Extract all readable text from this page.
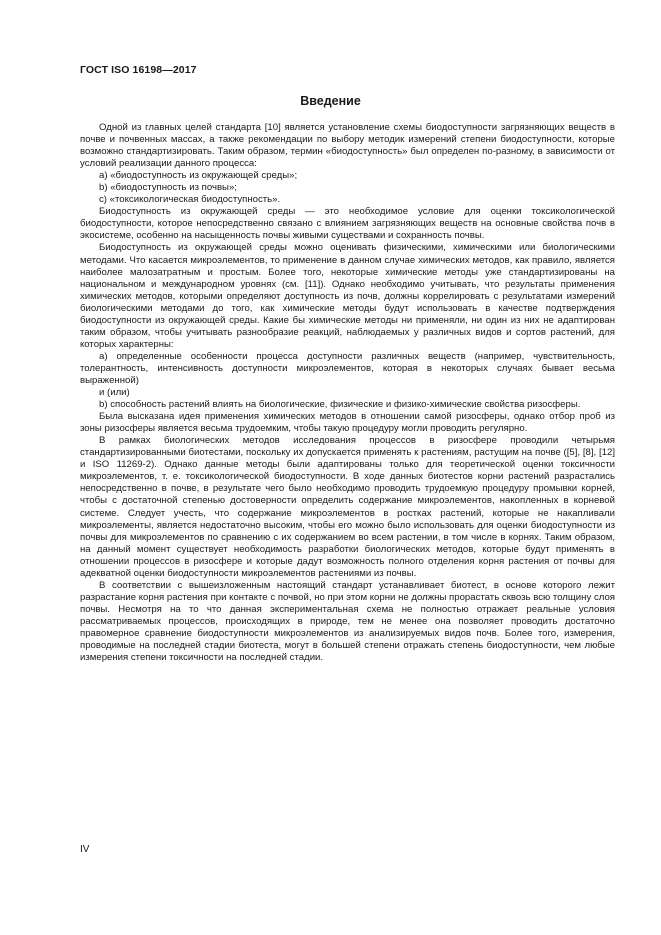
ГОСТ ISO 16198—2017
Введение

Одной из главных целей стандарта [10] является установление схемы биодоступности загрязняющих веществ в почве и почвенных массах, а также рекомендации по выбору методик измерений степени биодоступности, которые возможно стандартизировать. Таким образом, термин «биодоступность» был определен по-разному, в зависимости от условий реализации данного процесса:

а) «биодоступность из окружающей среды»;

b) «биодоступность из почвы»;

c) «токсикологическая биодоступность».

Биодоступность из окружающей среды — это необходимое условие для оценки токсикологической биодоступности, которое непосредственно связано с влиянием загрязняющих веществ на основные свойства почв в экосистеме, особенно на насыщенность почвы живыми существами и сохранность почвы.

Биодоступность из окружающей среды можно оценивать физическими, химическими или биологическими методами. Что касается микроэлементов, то применение в данном случае химических методов, как правило, является наиболее малозатратным и простым. Более того, некоторые химические методы уже стандартизированы на национальном и международном уровнях (см. [11]). Однако необходимо учитывать, что результаты применения химических методов, которыми определяют доступность из почв, должны коррелировать с результатами измерений биологическими методами до того, как химические методы будут использовать в качестве подтверждения биодоступности из окружающей среды. Какие бы химические методы ни применяли, ни один из них не адаптирован таким образом, чтобы учитывать разнообразие реакций, наблюдаемых у различных видов и сортов растений, для которых характерны:

а) определенные особенности процесса доступности различных веществ (например, чувствительность, толерантность, интенсивность доступности микроэлементов, которая в некоторых случаях бывает весьма выраженной)

и (или)

b) способность растений влиять на биологические, физические и физико-химические свойства ризосферы.

Была высказана идея применения химических методов в отношении самой ризосферы, однако отбор проб из зоны ризосферы является весьма трудоемким, чтобы такую процедуру могли проводить регулярно.

В рамках биологических методов исследования процессов в ризосфере проводили четырьмя стандартизированными биотестами, поскольку их допускается применять к растениям, растущим на почве ([5], [8], [12] и ISO 11269-2). Однако данные методы были адаптированы только для теоретической оценки токсичности микроэлементов, т. е. токсикологической биодоступности. В ходе данных биотестов корни растений разрастались непосредственно в почве, в результате чего было необходимо проводить трудоемкую процедуру промывки корней, чтобы с достаточной степенью достоверности определить содержание микроэлементов, накопленных в корневой системе. Следует учесть, что содержание микроэлементов в ростках растений, которые не накапливали микроэлементы, является недостаточно высоким, чтобы его можно было использовать для оценки биодоступности из почвы для микроэлементов по сравнению с их содержанием во всем растении, в том числе в корнях. Таким образом, на данный момент существует необходимость разработки биологических методов, которые будут применять в отношении процессов в ризосфере и которые дадут возможность полного отделения корня растения от почвы для адекватной оценки биодоступности микроэлементов растениями из почвы.

В соответствии с вышеизложенным настоящий стандарт устанавливает биотест, в основе которого лежит разрастание корня растения при контакте с почвой, но при этом корни не должны прорастать сквозь всю толщину слоя почвы. Несмотря на то что данная экспериментальная схема не полностью отражает реальные условия рассматриваемых процессов, происходящих в природе, тем не менее она позволяет проводить достаточно правомерное сравнение биодоступности микроэлементов из анализируемых видов почв. Более того, измерения, проводимые на последней стадии биотеста, могут в большей степени отражать степень биодоступности, чем любые измерения степени токсичности на последней стадии.

IV
